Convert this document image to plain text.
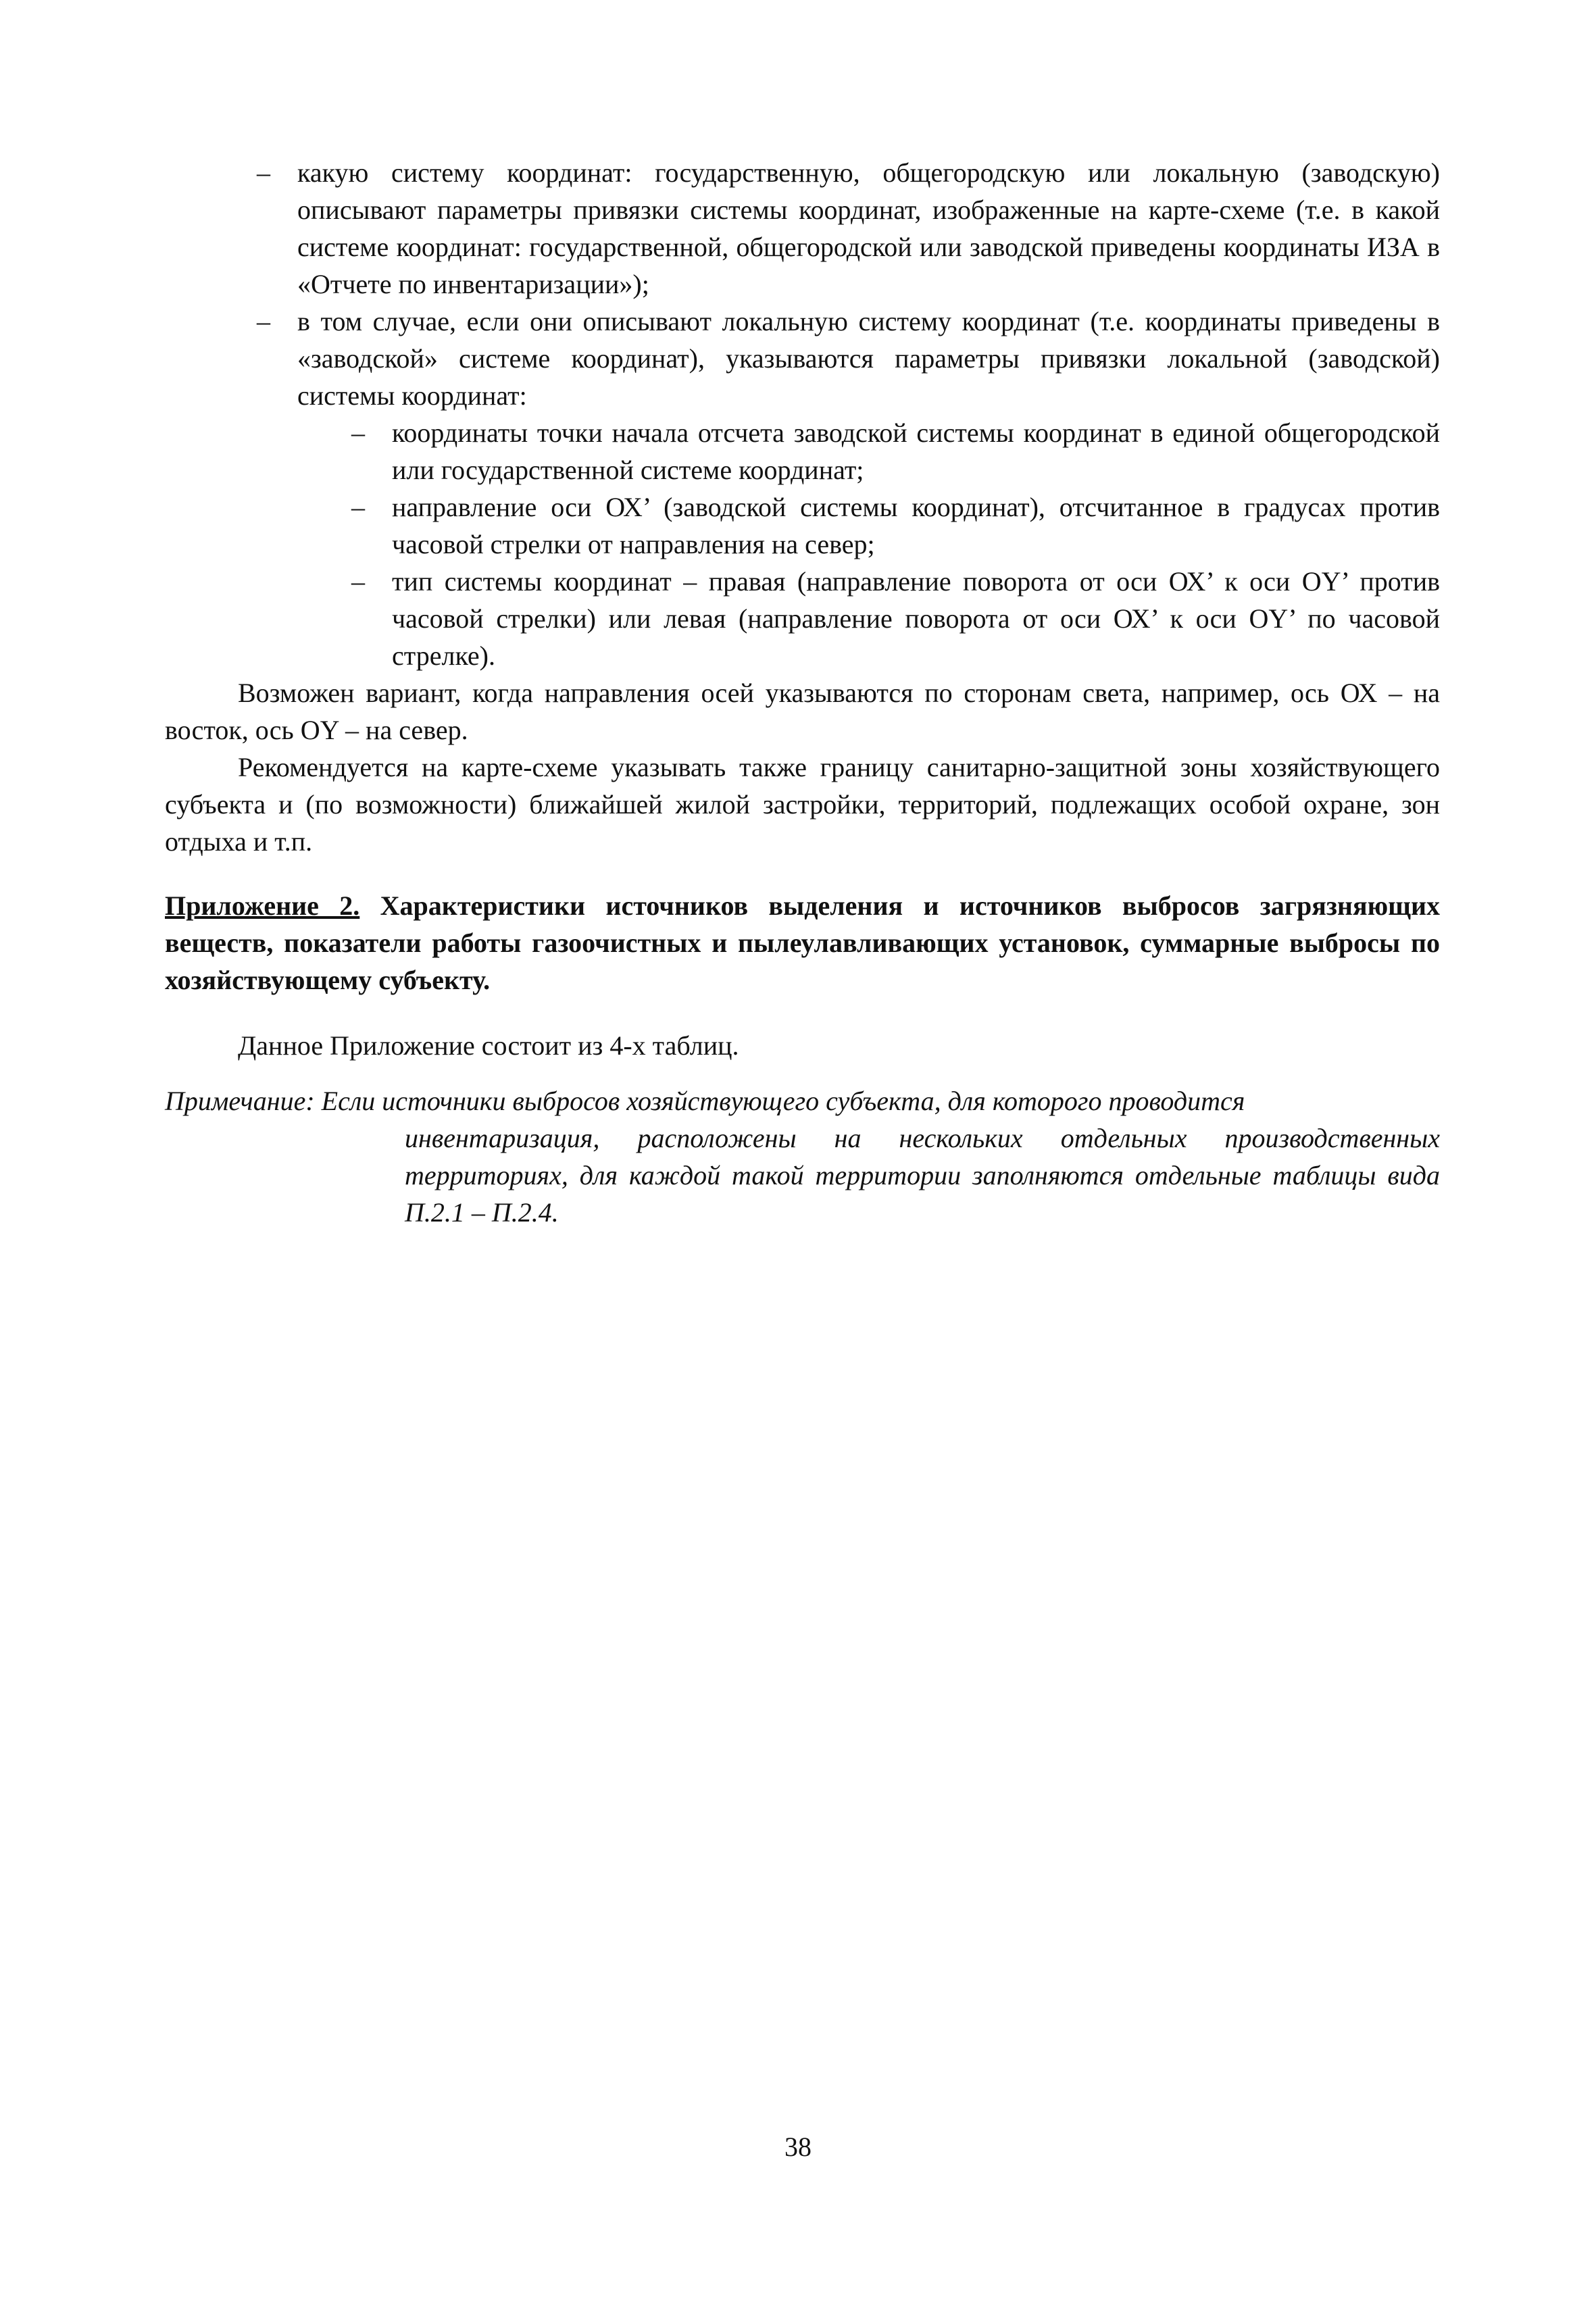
– какую систему координат: государственную, общегородскую или локальную (заводскую) описывают параметры привязки системы координат, изображенные на карте-схеме (т.е. в какой системе координат: государственной, общегородской или заводской приведены координаты ИЗА в «Отчете по инвентаризации»);
– в том случае, если они описывают локальную систему координат (т.е. координаты приведены в «заводской» системе координат), указываются параметры привязки локальной (заводской) системы координат:
– координаты точки начала отсчета заводской системы координат в единой общегородской или государственной системе координат;
– направление оси ОХ’ (заводской системы координат), отсчитанное в градусах против часовой стрелки от направления на север;
– тип системы координат – правая (направление поворота от оси ОХ’ к оси OY’ против часовой стрелки) или левая (направление поворота от оси ОХ’ к оси OY’ по часовой стрелке).

Возможен вариант, когда направления осей указываются по сторонам света, например, ось ОХ – на восток, ось OY – на север.

Рекомендуется на карте-схеме указывать также границу санитарно-защитной зоны хозяйствующего субъекта и (по возможности) ближайшей жилой застройки, территорий, подлежащих особой охране, зон отдыха и т.п.

Приложение 2. Характеристики источников выделения и источников выбросов загрязняющих веществ, показатели работы газоочистных и пылеулавливающих установок, суммарные выбросы по хозяйствующему субъекту.

Данное Приложение состоит из 4-х таблиц.

Примечание: Если источники выбросов хозяйствующего субъекта, для которого проводится

инвентаризация, расположены на нескольких отдельных производственных территориях, для каждой такой территории заполняются отдельные таблицы вида П.2.1 – П.2.4.

38
